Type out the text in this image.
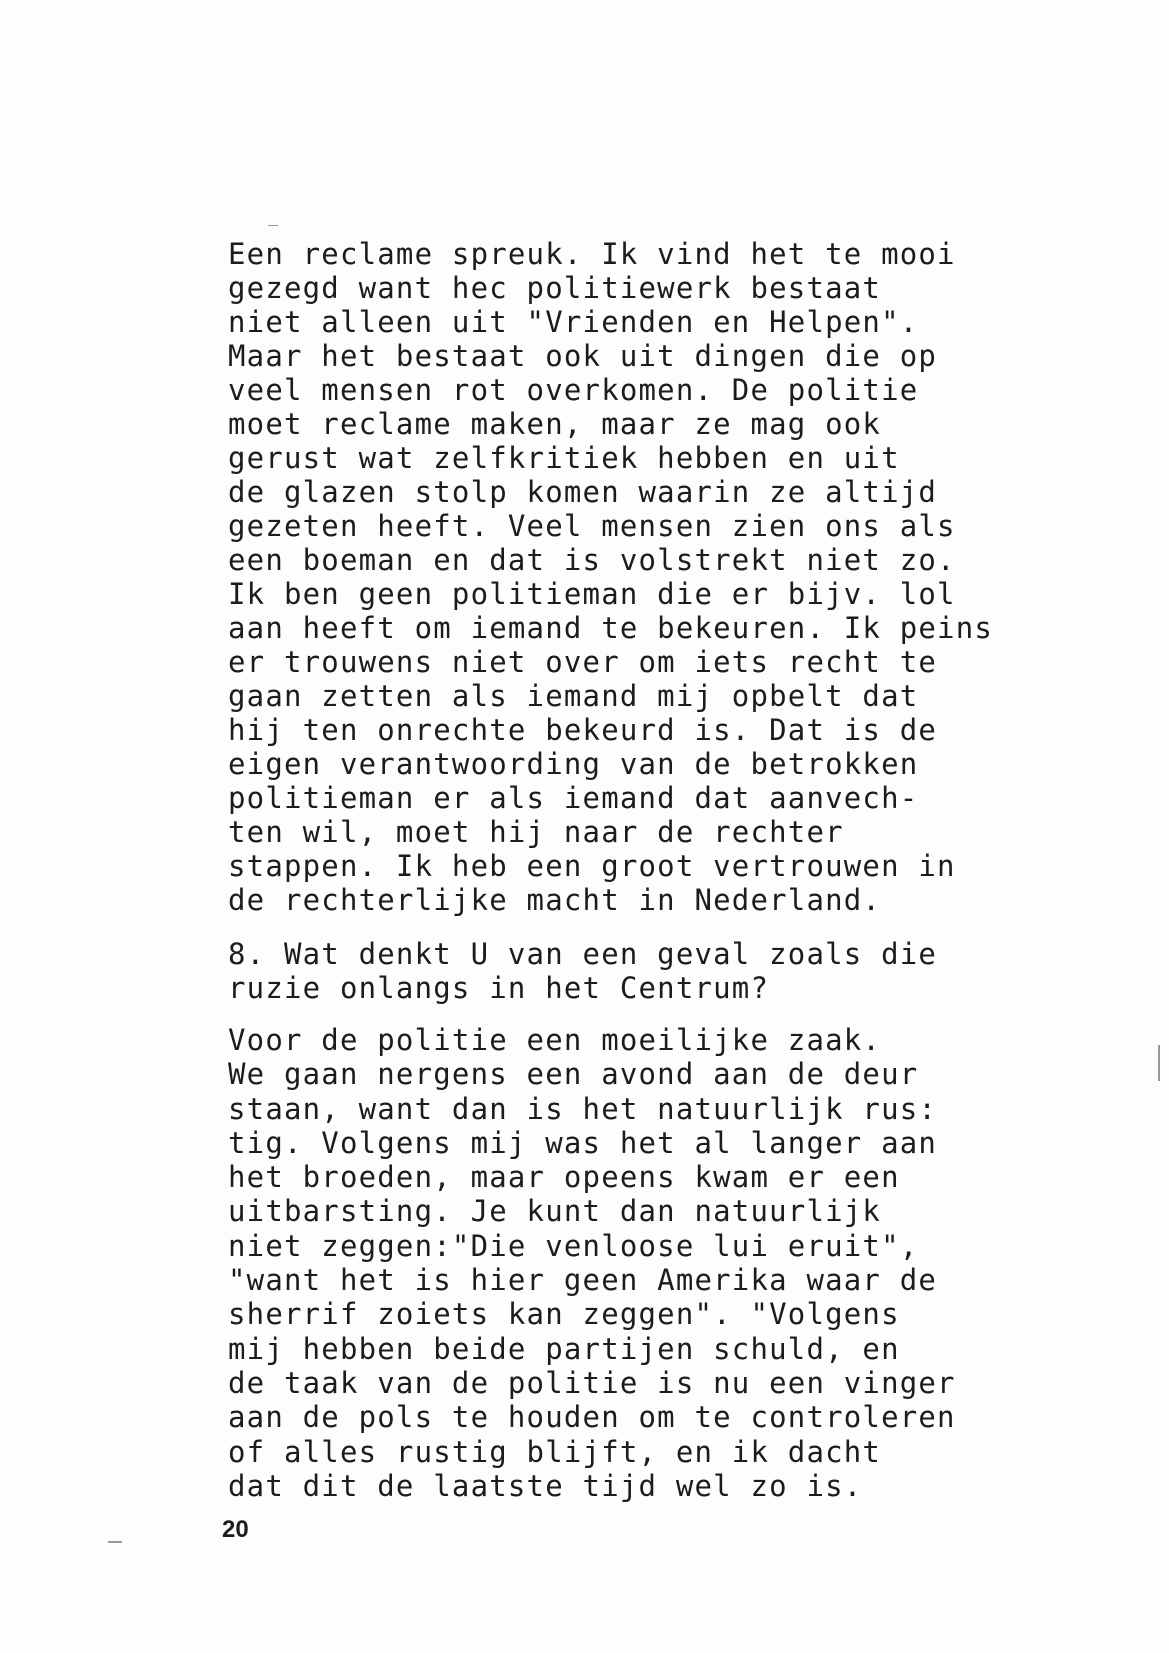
Een reclame spreuk. Ik vind het te mooi
gezegd want hec politiewerk bestaat
niet alleen uit "Vrienden en Helpen".
Maar het bestaat ook uit dingen die op
veel mensen rot overkomen. De politie
moet reclame maken, maar ze mag ook
gerust wat zelfkritiek hebben en uit
de glazen stolp komen waarin ze altijd
gezeten heeft. Veel mensen zien ons als
een boeman en dat is volstrekt niet zo.
Ik ben geen politieman die er bijv. lol
aan heeft om iemand te bekeuren. Ik peins
er trouwens niet over om iets recht te
gaan zetten als iemand mij opbelt dat
hij ten onrechte bekeurd is. Dat is de
eigen verantwoording van de betrokken
politieman er als iemand dat aanvech-
ten wil, moet hij naar de rechter
stappen. Ik heb een groot vertrouwen in
de rechterlijke macht in Nederland.
8. Wat denkt U van een geval zoals die
ruzie onlangs in het Centrum?
Voor de politie een moeilijke zaak.
We gaan nergens een avond aan de deur
staan, want dan is het natuurlijk rus:
tig. Volgens mij was het al langer aan
het broeden, maar opeens kwam er een
uitbarsting. Je kunt dan natuurlijk
niet zeggen:"Die venloose lui eruit",
"want het is hier geen Amerika waar de
sherrif zoiets kan zeggen". "Volgens
mij hebben beide partijen schuld, en
de taak van de politie is nu een vinger
aan de pols te houden om te controleren
of alles rustig blijft, en ik dacht
dat dit de laatste tijd wel zo is.
20
